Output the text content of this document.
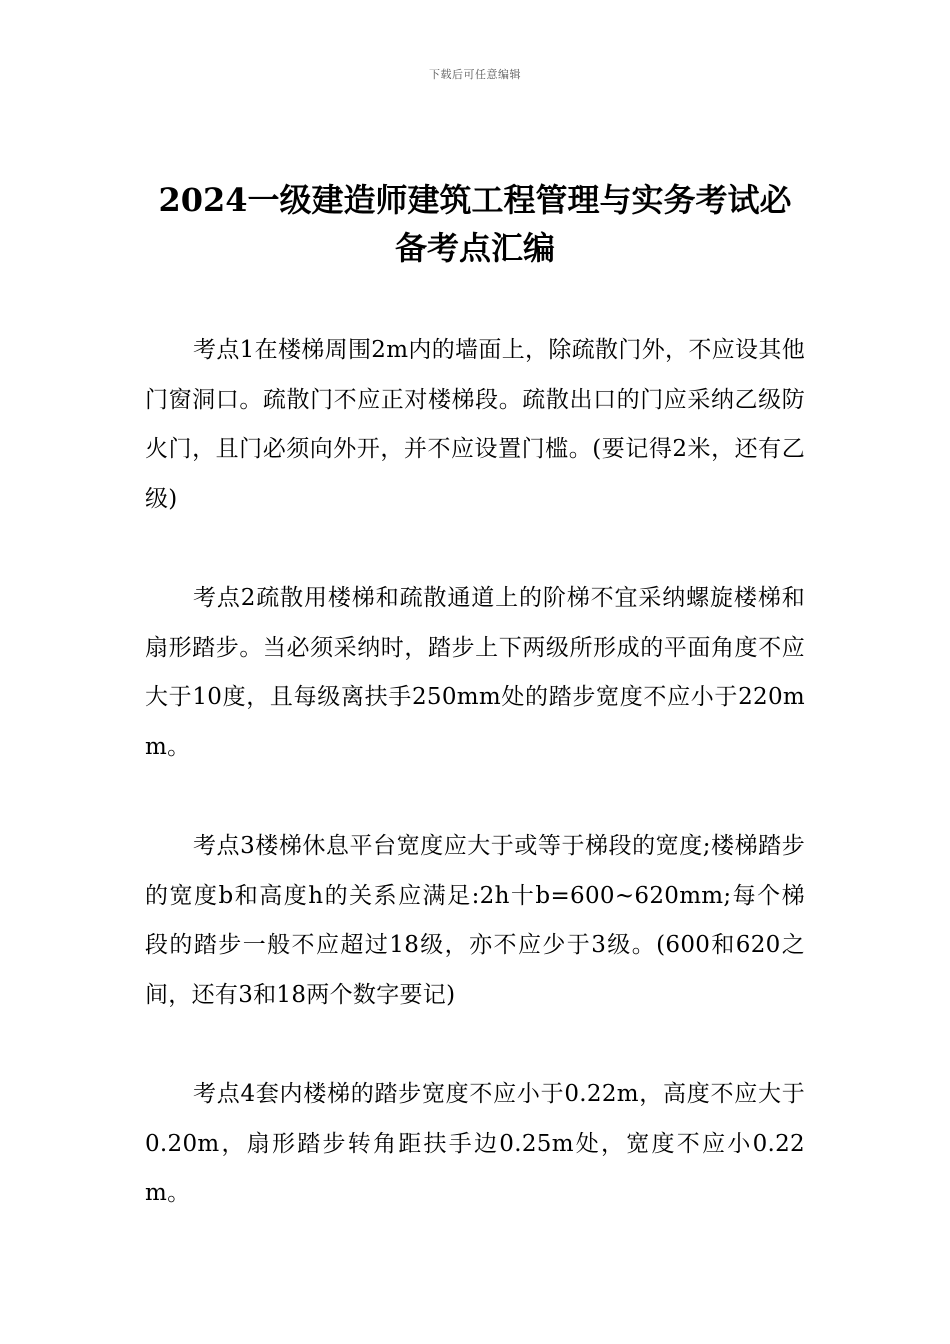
下载后可任意编辑
2024一级建造师建筑工程管理与实务考试必备考点汇编

考点1在楼梯周围2m内的墙面上，除疏散门外，不应设其他门窗洞口。疏散门不应正对楼梯段。疏散出口的门应采纳乙级防火门，且门必须向外开，并不应设置门槛。(要记得2米，还有乙级)

考点2疏散用楼梯和疏散通道上的阶梯不宜采纳螺旋楼梯和扇形踏步。当必须采纳时，踏步上下两级所形成的平面角度不应大于10度，且每级离扶手250mm处的踏步宽度不应小于220mm。

考点3楼梯休息平台宽度应大于或等于梯段的宽度;楼梯踏步的宽度b和高度h的关系应满足:2h十b=600~620mm;每个梯段的踏步一般不应超过18级，亦不应少于3级。(600和620之间，还有3和18两个数字要记)

考点4套内楼梯的踏步宽度不应小于0.22m，高度不应大于0.20m，扇形踏步转角距扶手边0.25m处，宽度不应小0.22m。
